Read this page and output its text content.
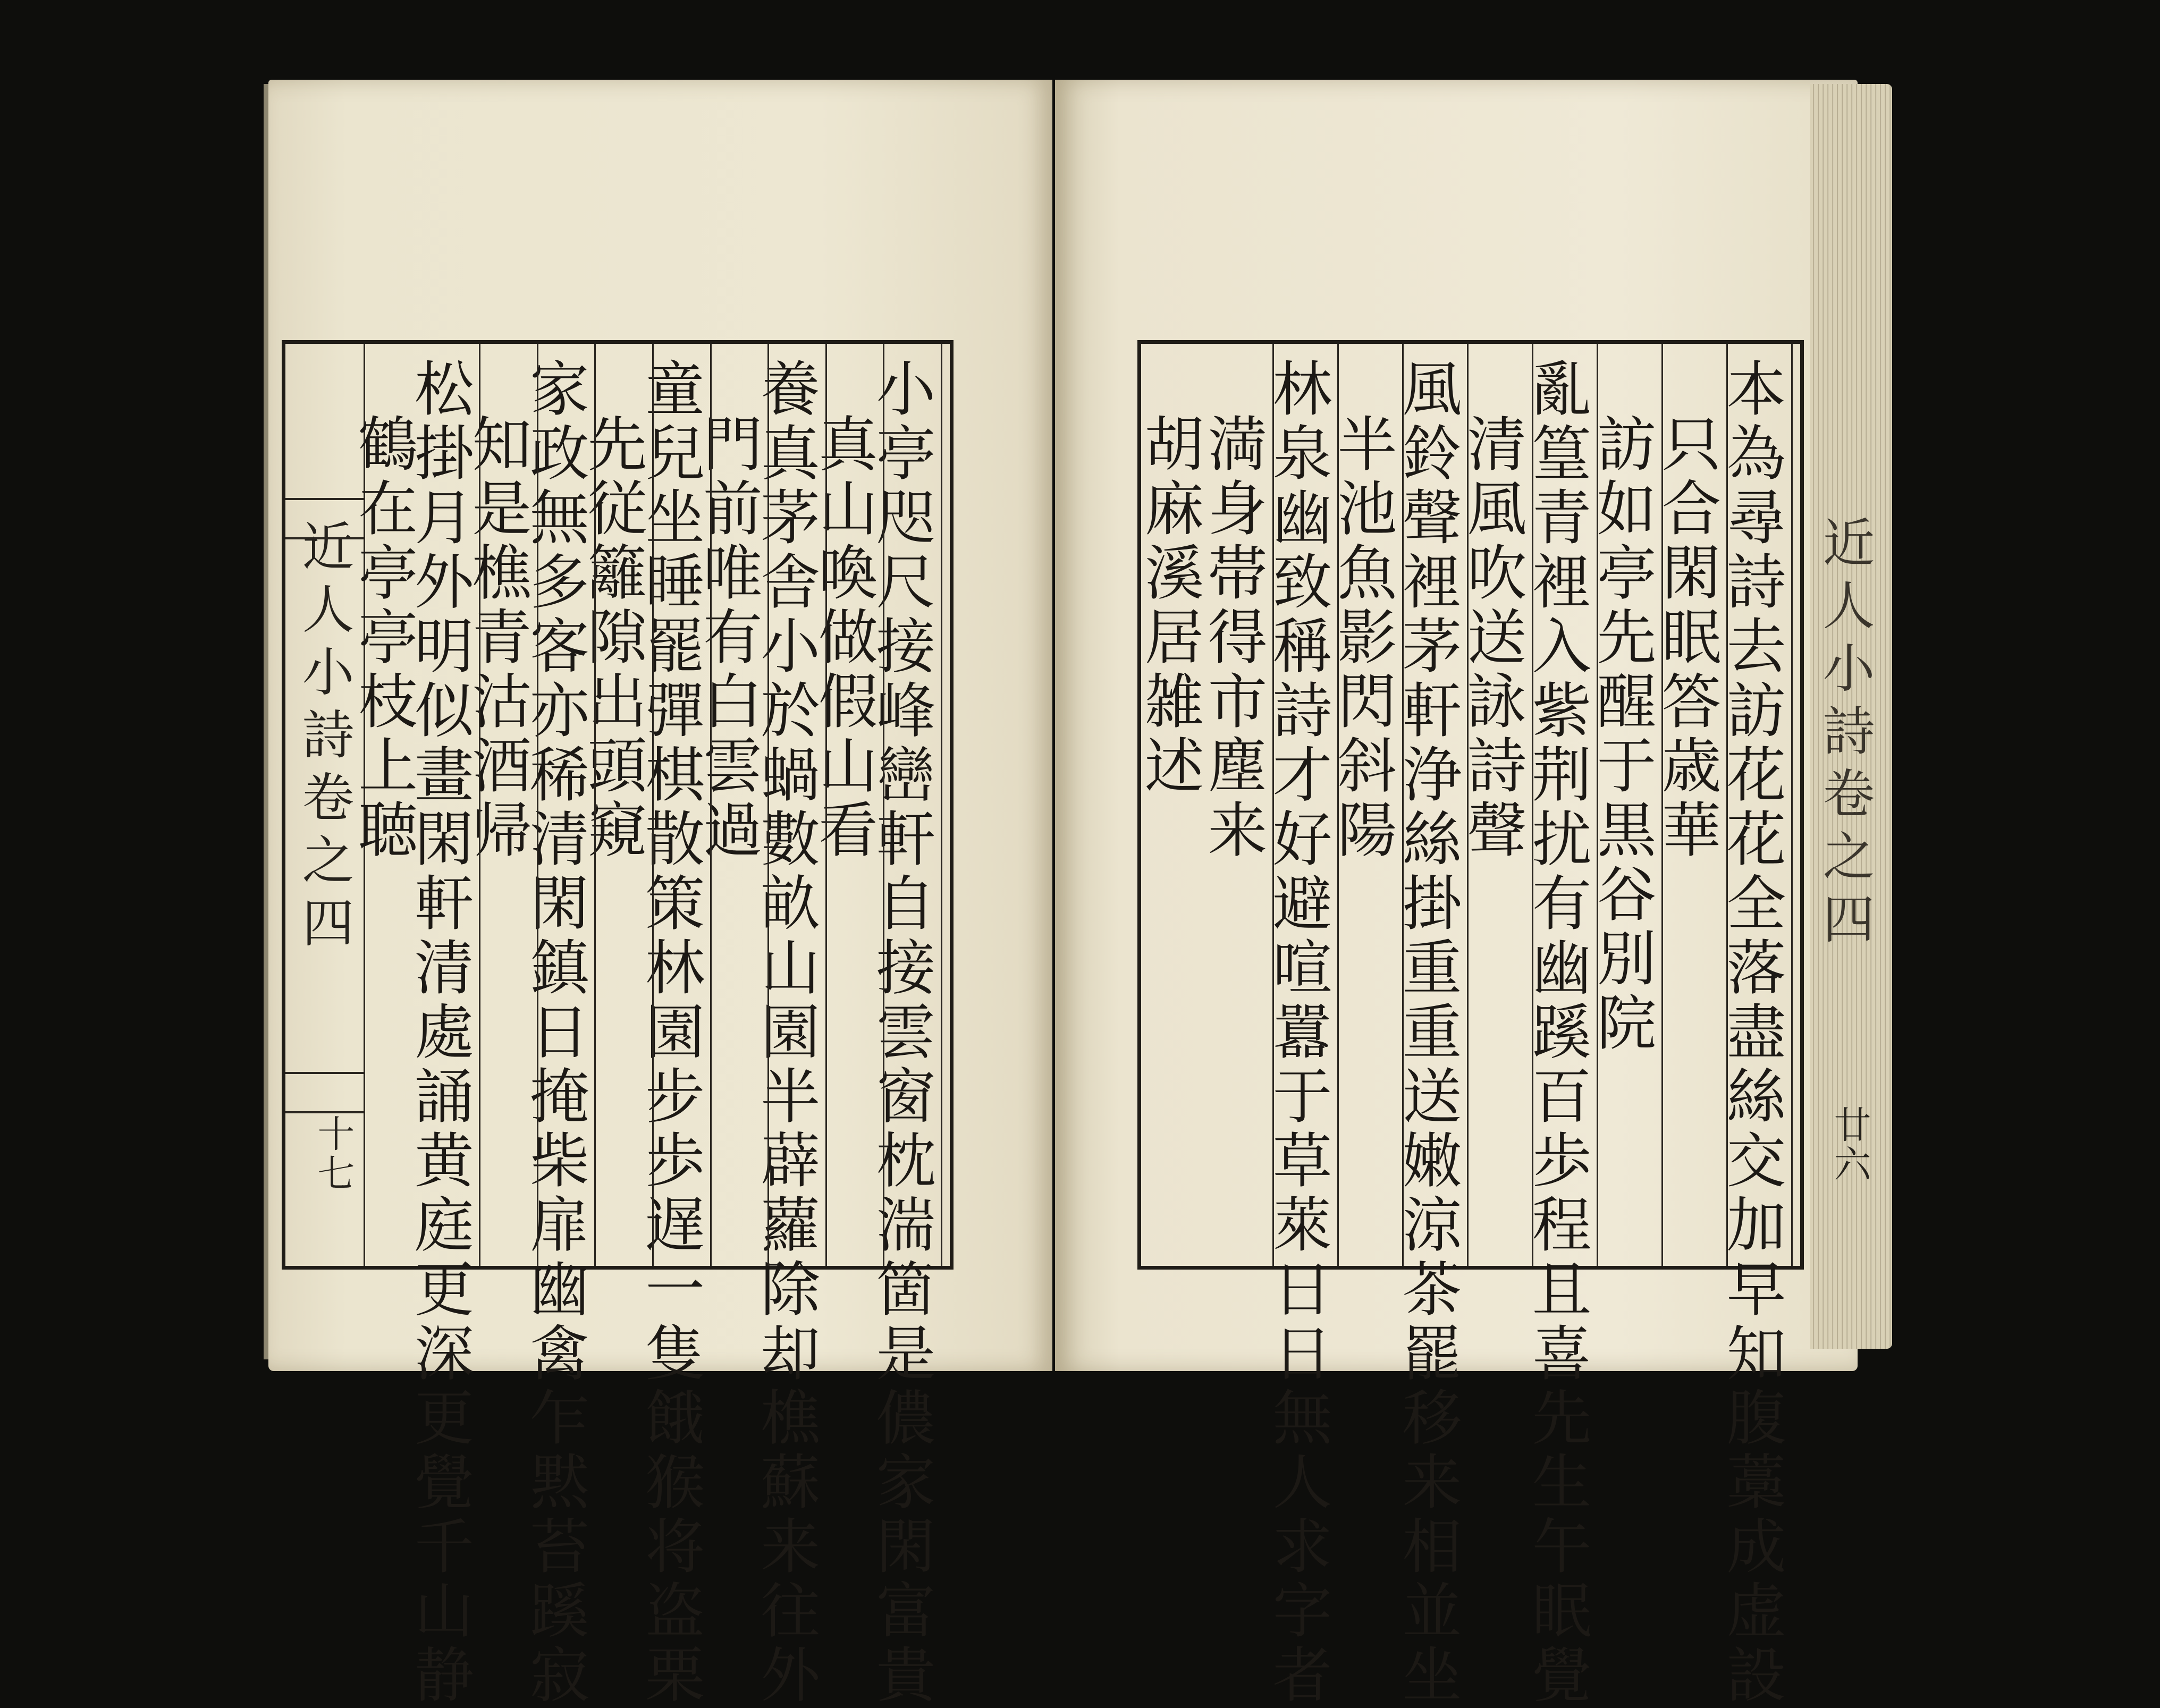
近人小詩卷之四
十七	小亭咫尺接峰巒軒自接雲窗枕湍箇是儂家閑富貴
真山喚做假山看
養真茅舎小於蝸數畝山園半薜蘿除却樵蘇来往外
門前唯有白雲過
童兒坐睡罷彈棋散策林園步歩遅一隻餓猴将盗栗
先従籬隙出頭窺
家政無多客亦稀清閑鎮日掩柴扉幽禽乍黙苔蹊寂
知是樵青沽酒帰
松掛月外明似畫閑軒清處誦黄庭更深更覺千山静
鶴在亭亭枝上聴	本為尋詩去訪花花全落盡絲交加早知腹藁成虚設
只合閑眠答歳華
訪如亭先醒于黒谷別院
亂篁青裡入紫荆扰有幽蹊百歩程且喜先生午眠覺
清風吹送詠詩聲
風鈴聲裡茅軒浄絲掛重重送嫩涼茶罷移来相並坐
半池魚影閃斜陽
林泉幽致稱詩才好避喧囂于草萊日日無人求字者
満身帯得市塵来
胡麻溪居雑述	近人小詩卷之四
廿六
